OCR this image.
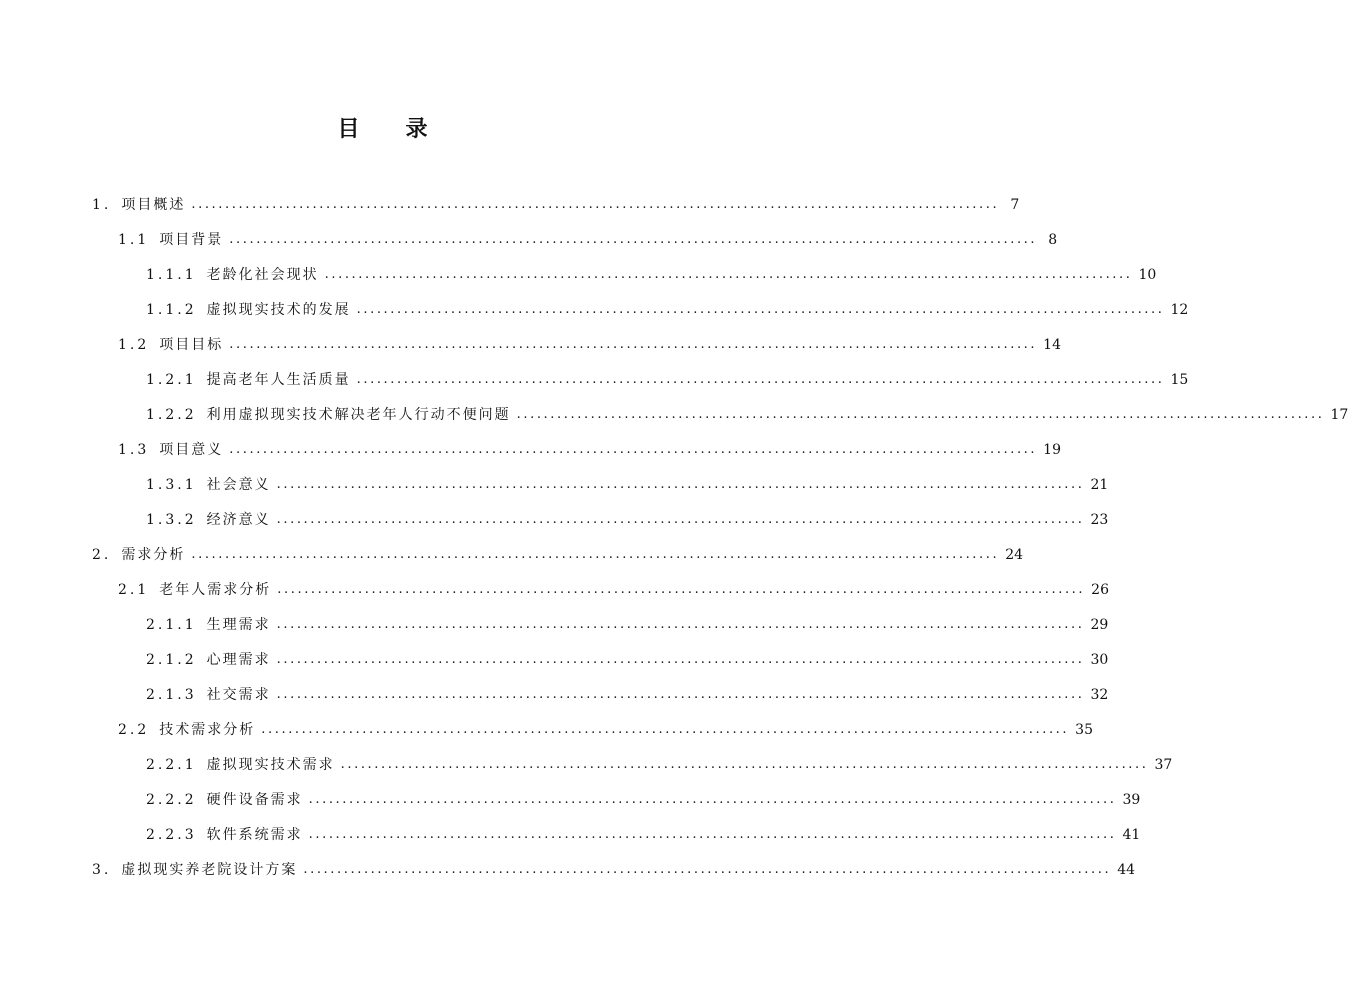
目 录
1. 项目概述 ........................................................................................................................ 7
1.1 项目背景 ........................................................................................................................ 8
1.1.1 老龄化社会现状 ........................................................................................................................ 10
1.1.2 虚拟现实技术的发展 ........................................................................................................................ 12
1.2 项目目标 ........................................................................................................................ 14
1.2.1 提高老年人生活质量 ........................................................................................................................ 15
1.2.2 利用虚拟现实技术解决老年人行动不便问题 ........................................................................................................................ 17
1.3 项目意义 ........................................................................................................................ 19
1.3.1 社会意义 ........................................................................................................................ 21
1.3.2 经济意义 ........................................................................................................................ 23
2. 需求分析 ........................................................................................................................ 24
2.1 老年人需求分析 ........................................................................................................................ 26
2.1.1 生理需求 ........................................................................................................................ 29
2.1.2 心理需求 ........................................................................................................................ 30
2.1.3 社交需求 ........................................................................................................................ 32
2.2 技术需求分析 ........................................................................................................................ 35
2.2.1 虚拟现实技术需求 ........................................................................................................................ 37
2.2.2 硬件设备需求 ........................................................................................................................ 39
2.2.3 软件系统需求 ........................................................................................................................ 41
3. 虚拟现实养老院设计方案 ........................................................................................................................ 44
